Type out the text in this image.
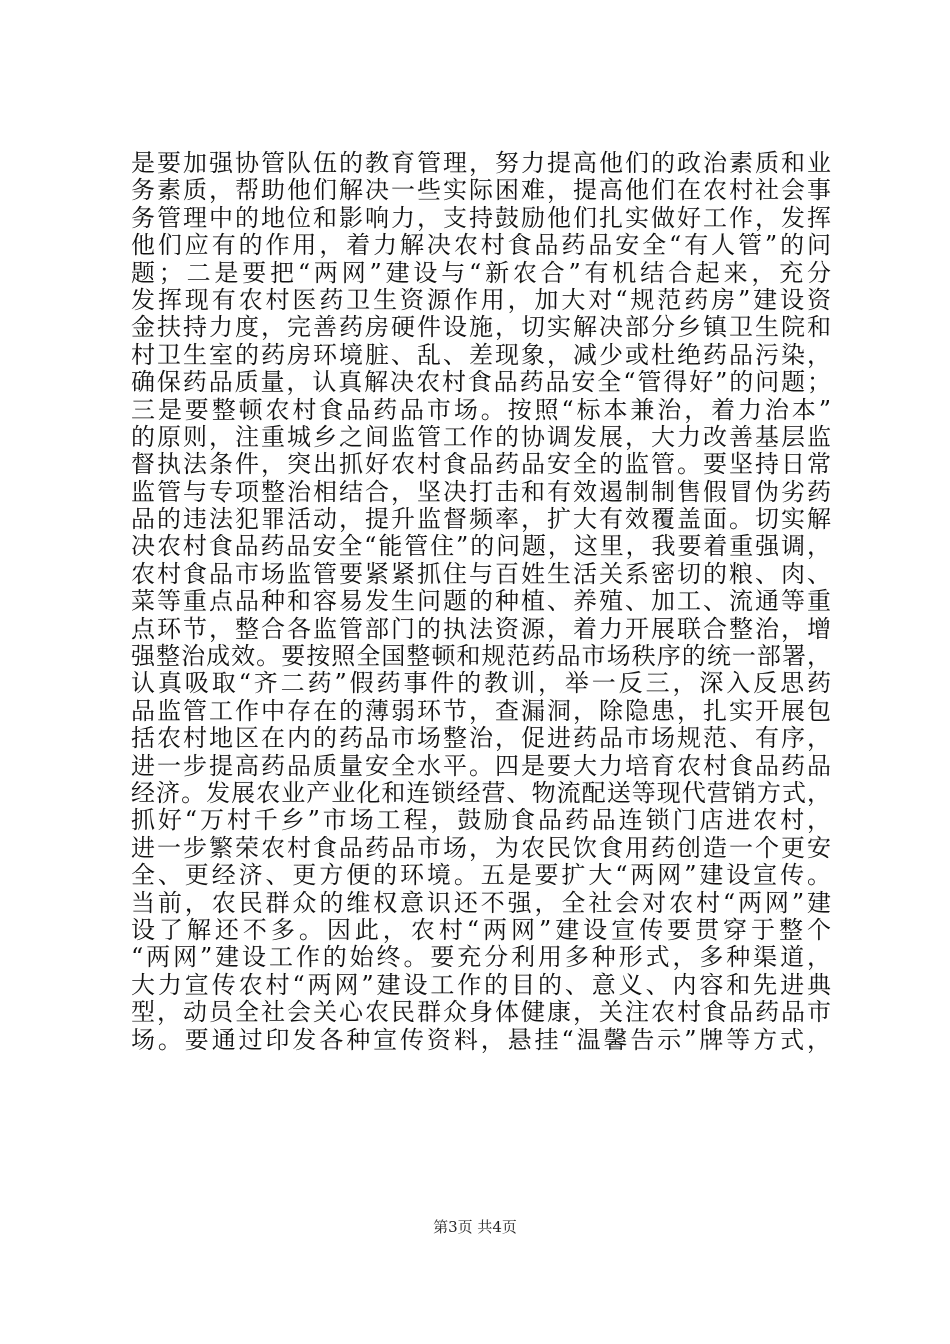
是要加强协管队伍的教育管理，努力提高他们的政治素质和业
务素质，帮助他们解决一些实际困难，提高他们在农村社会事
务管理中的地位和影响力，支持鼓励他们扎实做好工作，发挥
他们应有的作用，着力解决农村食品药品安全“有人管”的问
题；二是要把“两网”建设与“新农合”有机结合起来，充分
发挥现有农村医药卫生资源作用，加大对“规范药房”建设资
金扶持力度，完善药房硬件设施，切实解决部分乡镇卫生院和
村卫生室的药房环境脏、乱、差现象，减少或杜绝药品污染，
确保药品质量，认真解决农村食品药品安全“管得好”的问题；
三是要整顿农村食品药品市场。按照“标本兼治，着力治本”
的原则，注重城乡之间监管工作的协调发展，大力改善基层监
督执法条件，突出抓好农村食品药品安全的监管。要坚持日常
监管与专项整治相结合，坚决打击和有效遏制制售假冒伪劣药
品的违法犯罪活动，提升监督频率，扩大有效覆盖面。切实解
决农村食品药品安全“能管住”的问题，这里，我要着重强调，
农村食品市场监管要紧紧抓住与百姓生活关系密切的粮、肉、
菜等重点品种和容易发生问题的种植、养殖、加工、流通等重
点环节，整合各监管部门的执法资源，着力开展联合整治，增
强整治成效。要按照全国整顿和规范药品市场秩序的统一部署，
认真吸取“齐二药”假药事件的教训，举一反三，深入反思药
品监管工作中存在的薄弱环节，查漏洞，除隐患，扎实开展包
括农村地区在内的药品市场整治，促进药品市场规范、有序，
进一步提高药品质量安全水平。四是要大力培育农村食品药品
经济。发展农业产业化和连锁经营、物流配送等现代营销方式，
抓好“万村千乡”市场工程，鼓励食品药品连锁门店进农村，
进一步繁荣农村食品药品市场，为农民饮食用药创造一个更安
全、更经济、更方便的环境。五是要扩大“两网”建设宣传。
当前，农民群众的维权意识还不强，全社会对农村“两网”建
设了解还不多。因此，农村“两网”建设宣传要贯穿于整个
“两网”建设工作的始终。要充分利用多种形式，多种渠道，
大力宣传农村“两网”建设工作的目的、意义、内容和先进典
型，动员全社会关心农民群众身体健康，关注农村食品药品市
场。要通过印发各种宣传资料，悬挂“温馨告示”牌等方式，
第3页 共4页
